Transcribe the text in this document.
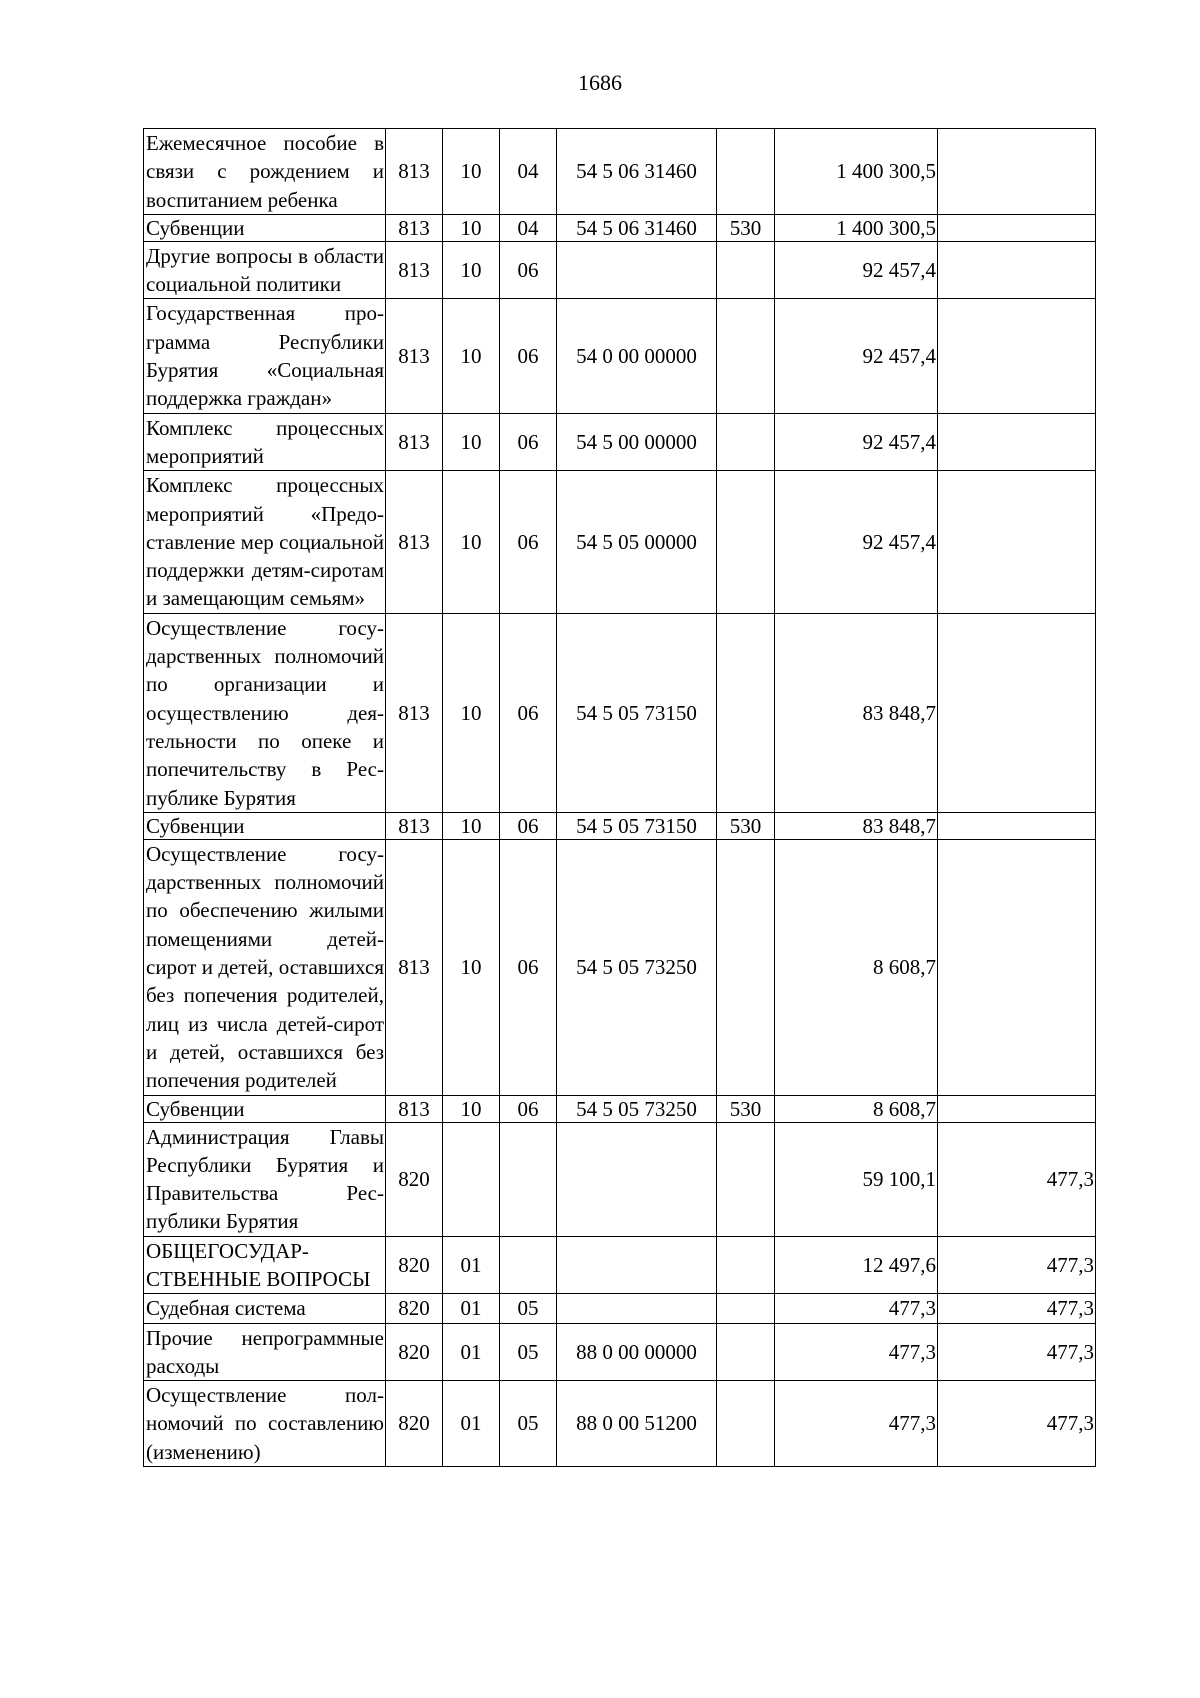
1686
Ежемесячное пособие в связи с рождением и воспитанием ребенка	813	10	04	54 5 06 31460		1 400 300,5	
Субвенции	813	10	04	54 5 06 31460	530	1 400 300,5	
Другие вопросы в области социальной политики	813	10	06			92 457,4	
Государственная программа Республики Бурятия «Социальная поддержка граждан»	813	10	06	54 0 00 00000		92 457,4	
Комплекс процессных мероприятий	813	10	06	54 5 00 00000		92 457,4	
Комплекс процессных мероприятий «Предоставление мер социальной поддержки детям-сиротам и замещающим семьям»	813	10	06	54 5 05 00000		92 457,4	
Осуществление государственных полномочий по организации и осуществлению деятельности по опеке и попечительству в Республике Бурятия	813	10	06	54 5 05 73150		83 848,7	
Субвенции	813	10	06	54 5 05 73150	530	83 848,7	
Осуществление государственных полномочий по обеспечению жилыми помещениями детей-сирот и детей, оставшихся без попечения родителей, лиц из числа детей-сирот и детей, оставшихся без попечения родителей	813	10	06	54 5 05 73250		8 608,7	
Субвенции	813	10	06	54 5 05 73250	530	8 608,7	
Администрация Главы Республики Бурятия и Правительства Республики Бурятия	820					59 100,1	477,3
ОБЩЕГОСУДАРСТВЕННЫЕ ВОПРОСЫ	820	01				12 497,6	477,3
Судебная система	820	01	05			477,3	477,3
Прочие непрограммные расходы	820	01	05	88 0 00 00000		477,3	477,3
Осуществление полномочий по составлению (изменению)	820	01	05	88 0 00 51200		477,3	477,3
